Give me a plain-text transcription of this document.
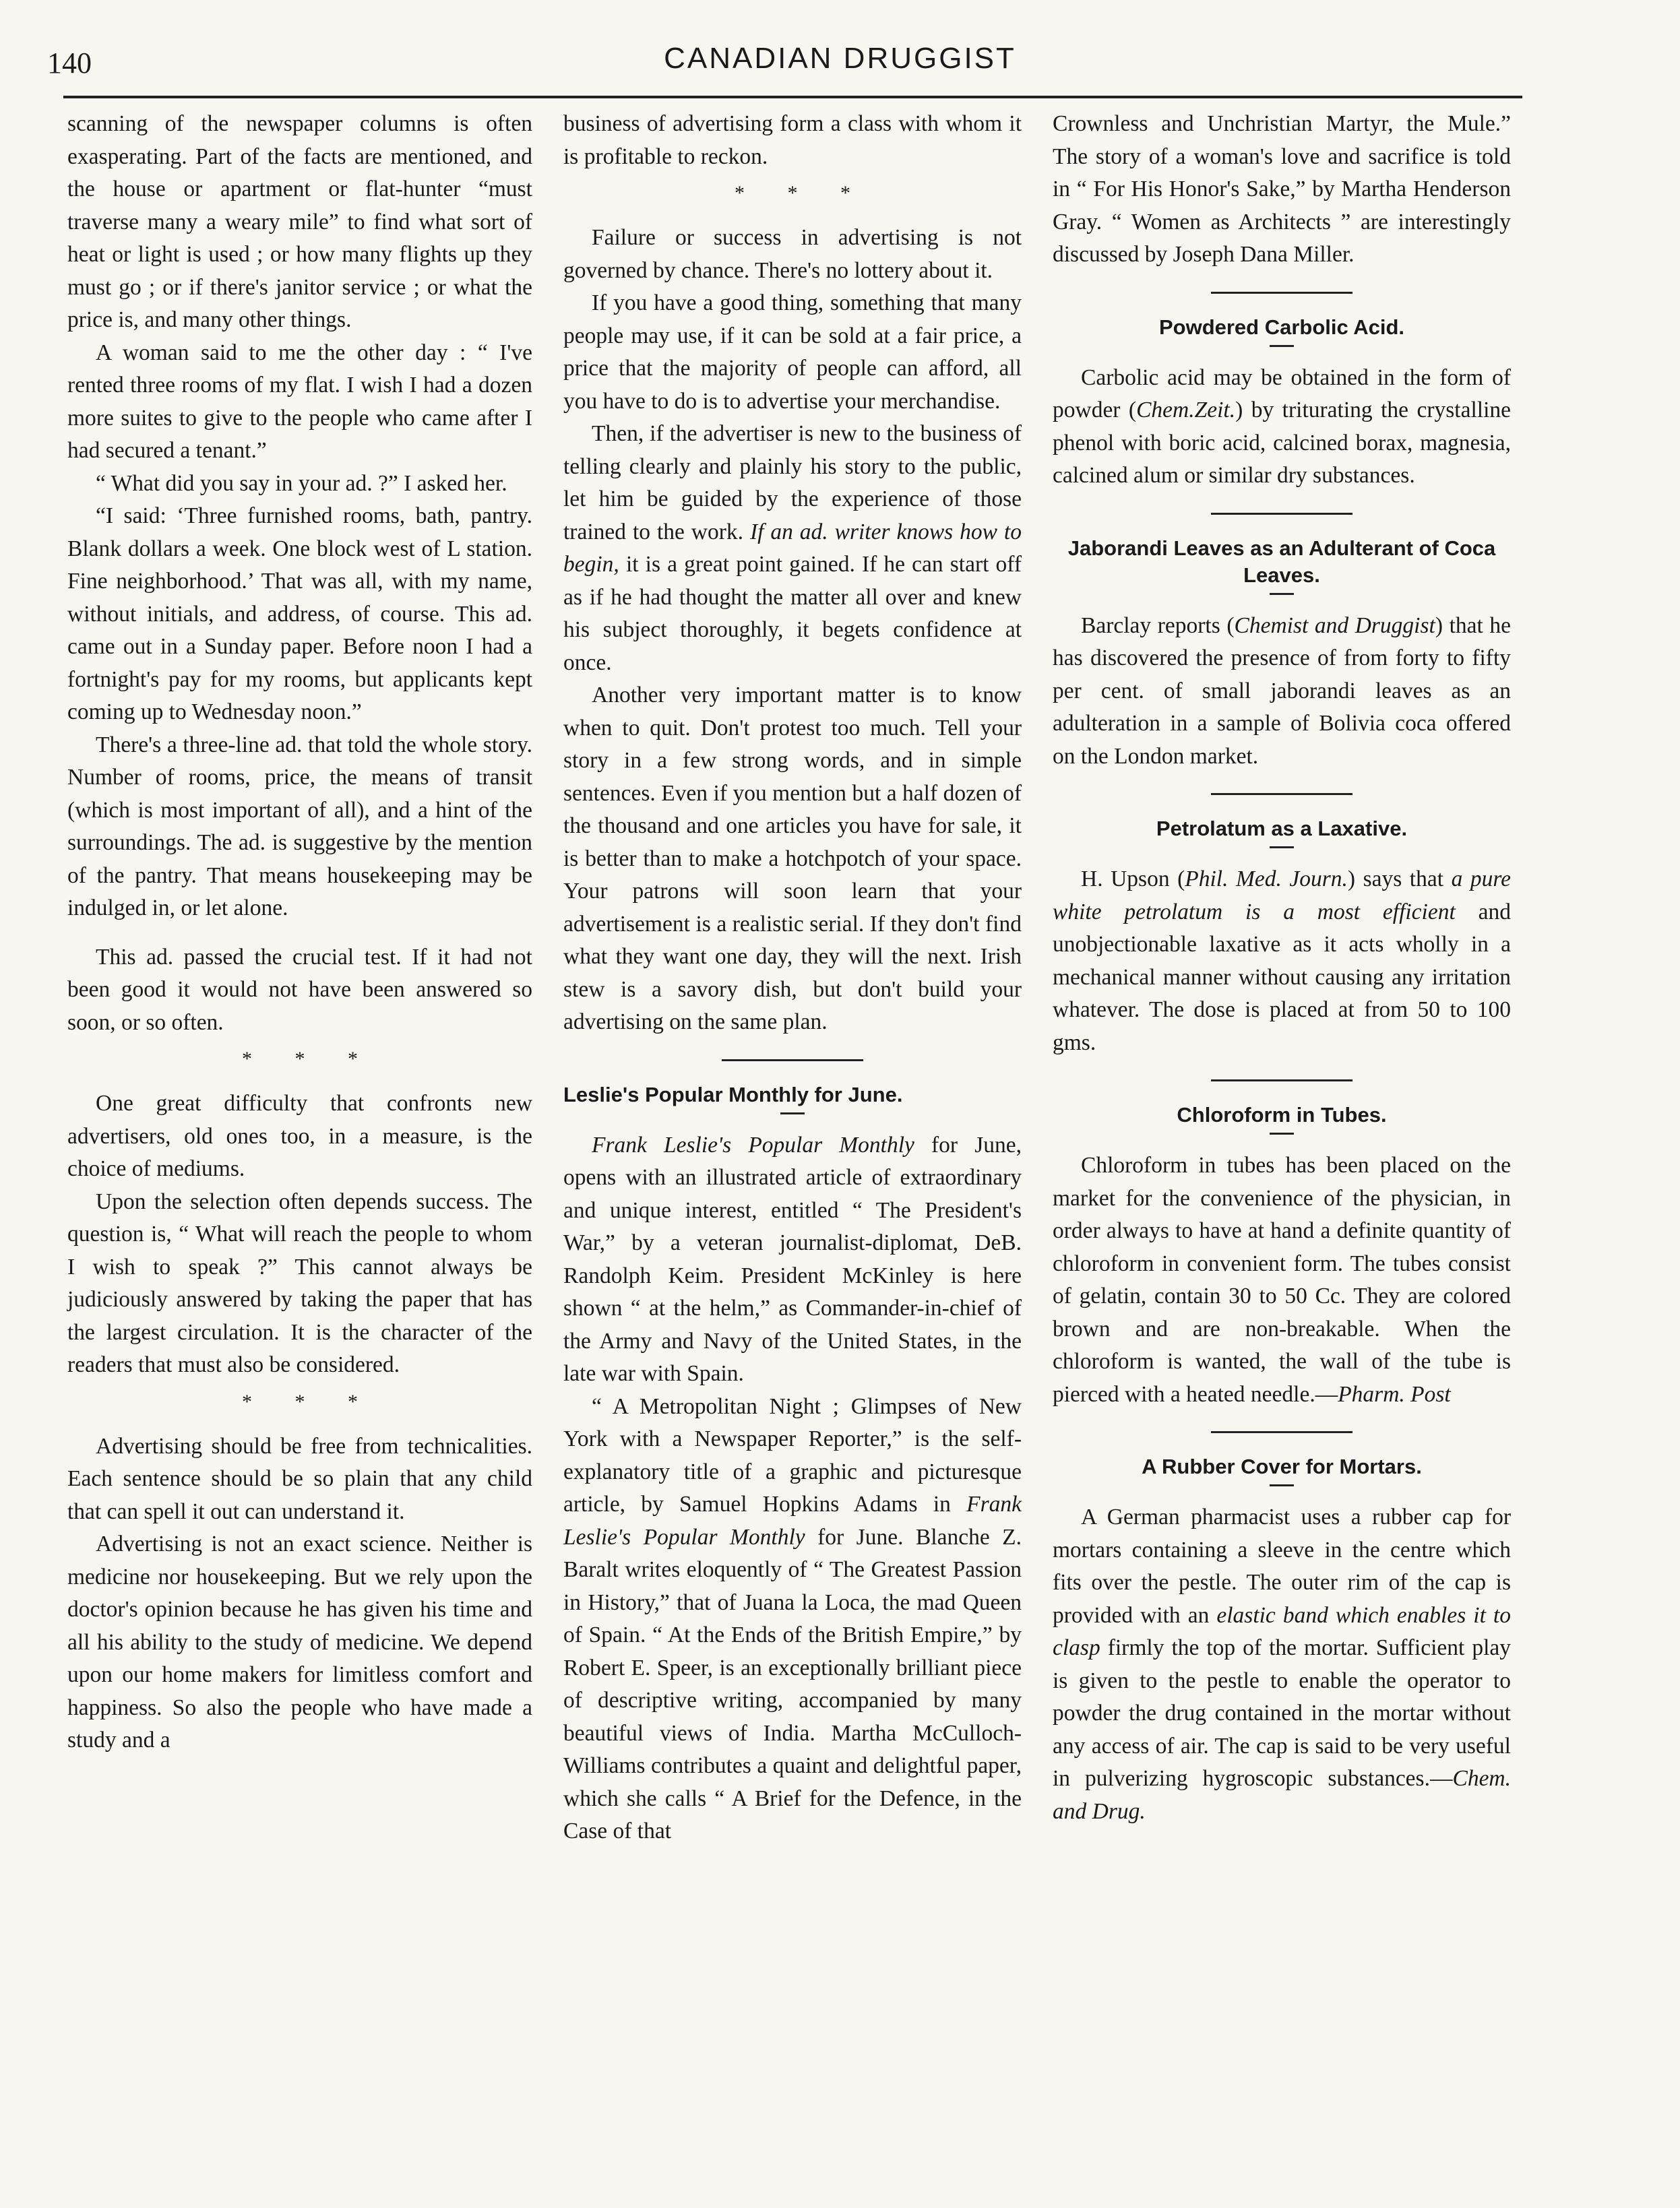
140	CANADIAN DRUGGIST

scanning of the newspaper columns is often exasperating. Part of the facts are mentioned, and the house or apartment or flat-hunter “must traverse many a weary mile” to find what sort of heat or light is used ; or how many flights up they must go ; or if there's janitor service ; or what the price is, and many other things.

A woman said to me the other day : “ I've rented three rooms of my flat. I wish I had a dozen more suites to give to the people who came after I had secured a tenant.”

“ What did you say in your ad. ?” I asked her.

“I said: ‘Three furnished rooms, bath, pantry. Blank dollars a week. One block west of L station. Fine neighborhood.’ That was all, with my name, without initials, and address, of course. This ad. came out in a Sunday paper. Before noon I had a fortnight's pay for my rooms, but applicants kept coming up to Wednesday noon.”

There's a three-line ad. that told the whole story. Number of rooms, price, the means of transit (which is most important of all), and a hint of the surroundings. The ad. is suggestive by the mention of the pantry. That means housekeeping may be indulged in, or let alone.

This ad. passed the crucial test. If it had not been good it would not have been answered so soon, or so often.

* * *

One great difficulty that confronts new advertisers, old ones too, in a measure, is the choice of mediums.

Upon the selection often depends success. The question is, “ What will reach the people to whom I wish to speak ?” This cannot always be judiciously answered by taking the paper that has the largest circulation. It is the character of the readers that must also be considered.

* * *

Advertising should be free from technicalities. Each sentence should be so plain that any child that can spell it out can understand it.

Advertising is not an exact science. Neither is medicine nor housekeeping. But we rely upon the doctor's opinion because he has given his time and all his ability to the study of medicine. We depend upon our home makers for limitless comfort and happiness. So also the people who have made a study and a

business of advertising form a class with whom it is profitable to reckon.

* * *

Failure or success in advertising is not governed by chance. There's no lottery about it.

If you have a good thing, something that many people may use, if it can be sold at a fair price, a price that the majority of people can afford, all you have to do is to advertise your merchandise.

Then, if the advertiser is new to the business of telling clearly and plainly his story to the public, let him be guided by the experience of those trained to the work. If an ad. writer knows how to begin, it is a great point gained. If he can start off as if he had thought the matter all over and knew his subject thoroughly, it begets confidence at once.

Another very important matter is to know when to quit. Don't protest too much. Tell your story in a few strong words, and in simple sentences. Even if you mention but a half dozen of the thousand and one articles you have for sale, it is better than to make a hotchpotch of your space. Your patrons will soon learn that your advertisement is a realistic serial. If they don't find what they want one day, they will the next. Irish stew is a savory dish, but don't build your advertising on the same plan.

Leslie's Popular Monthly for June.

Frank Leslie's Popular Monthly for June, opens with an illustrated article of extraordinary and unique interest, entitled “ The President's War,” by a veteran journalist-diplomat, DeB. Randolph Keim. President McKinley is here shown “ at the helm,” as Commander-in-chief of the Army and Navy of the United States, in the late war with Spain.

“ A Metropolitan Night ; Glimpses of New York with a Newspaper Reporter,” is the self-explanatory title of a graphic and picturesque article, by Samuel Hopkins Adams in Frank Leslie's Popular Monthly for June. Blanche Z. Baralt writes eloquently of “ The Greatest Passion in History,” that of Juana la Loca, the mad Queen of Spain. “ At the Ends of the British Empire,” by Robert E. Speer, is an exceptionally brilliant piece of descriptive writing, accompanied by many beautiful views of India. Martha McCulloch-Williams contributes a quaint and delightful paper, which she calls “ A Brief for the Defence, in the Case of that

Crownless and Unchristian Martyr, the Mule.” The story of a woman's love and sacrifice is told in “ For His Honor's Sake,” by Martha Henderson Gray. “ Women as Architects ” are interestingly discussed by Joseph Dana Miller.

Powdered Carbolic Acid.

Carbolic acid may be obtained in the form of powder (Chem.Zeit.) by triturating the crystalline phenol with boric acid, calcined borax, magnesia, calcined alum or similar dry substances.

Jaborandi Leaves as an Adulterant of Coca Leaves.

Barclay reports (Chemist and Druggist) that he has discovered the presence of from forty to fifty per cent. of small jaborandi leaves as an adulteration in a sample of Bolivia coca offered on the London market.

Petrolatum as a Laxative.

H. Upson (Phil. Med. Journ.) says that a pure white petrolatum is a most efficient and unobjectionable laxative as it acts wholly in a mechanical manner without causing any irritation whatever. The dose is placed at from 50 to 100 gms.

Chloroform in Tubes.

Chloroform in tubes has been placed on the market for the convenience of the physician, in order always to have at hand a definite quantity of chloroform in convenient form. The tubes consist of gelatin, contain 30 to 50 Cc. They are colored brown and are non-breakable. When the chloroform is wanted, the wall of the tube is pierced with a heated needle.—Pharm. Post

A Rubber Cover for Mortars.

A German pharmacist uses a rubber cap for mortars containing a sleeve in the centre which fits over the pestle. The outer rim of the cap is provided with an elastic band which enables it to clasp firmly the top of the mortar. Sufficient play is given to the pestle to enable the operator to powder the drug contained in the mortar without any access of air. The cap is said to be very useful in pulverizing hygroscopic substances.—Chem. and Drug.
